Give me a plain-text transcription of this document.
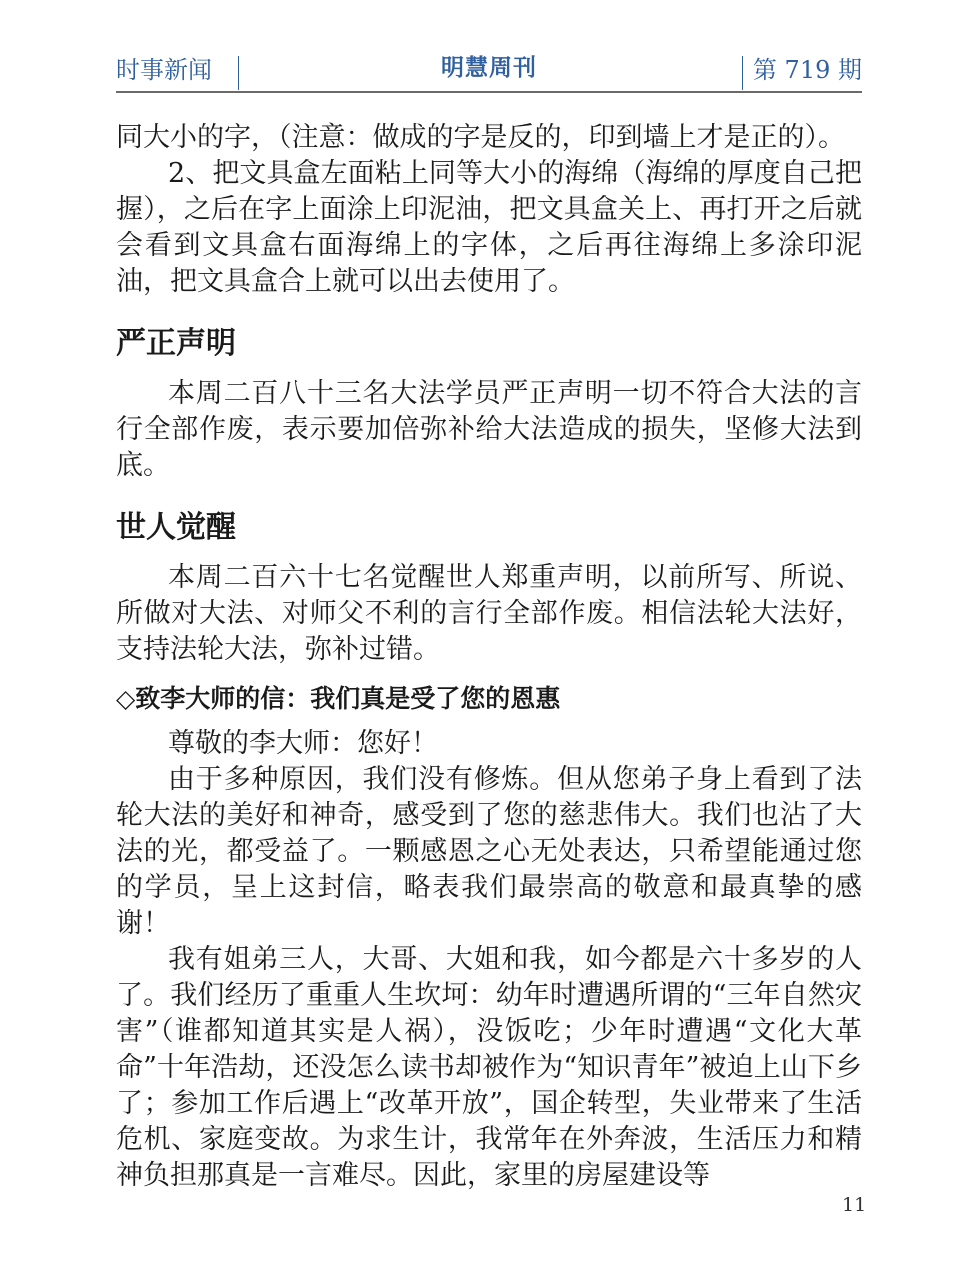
时事新闻	明慧周刊	第 719 期

同大小的字，（注意：做成的字是反的，印到墙上才是正的）。

2、把文具盒左面粘上同等大小的海绵（海绵的厚度自己把握），之后在字上面涂上印泥油，把文具盒关上、再打开之后就会看到文具盒右面海绵上的字体，之后再往海绵上多涂印泥油，把文具盒合上就可以出去使用了。

严正声明

本周二百八十三名大法学员严正声明一切不符合大法的言行全部作废，表示要加倍弥补给大法造成的损失，坚修大法到底。

世人觉醒

本周二百六十七名觉醒世人郑重声明，以前所写、所说、所做对大法、对师父不利的言行全部作废。相信法轮大法好，支持法轮大法，弥补过错。

◇致李大师的信：我们真是受了您的恩惠

尊敬的李大师：您好！

由于多种原因，我们没有修炼。但从您弟子身上看到了法轮大法的美好和神奇，感受到了您的慈悲伟大。我们也沾了大法的光，都受益了。一颗感恩之心无处表达，只希望能通过您的学员，呈上这封信，略表我们最崇高的敬意和最真挚的感谢！

我有姐弟三人，大哥、大姐和我，如今都是六十多岁的人了。我们经历了重重人生坎坷：幼年时遭遇所谓的“三年自然灾害”（谁都知道其实是人祸），没饭吃；少年时遭遇“文化大革命”十年浩劫，还没怎么读书却被作为“知识青年”被迫上山下乡了；参加工作后遇上“改革开放”，国企转型，失业带来了生活危机、家庭变故。为求生计，我常年在外奔波，生活压力和精神负担那真是一言难尽。因此，家里的房屋建设等

11
